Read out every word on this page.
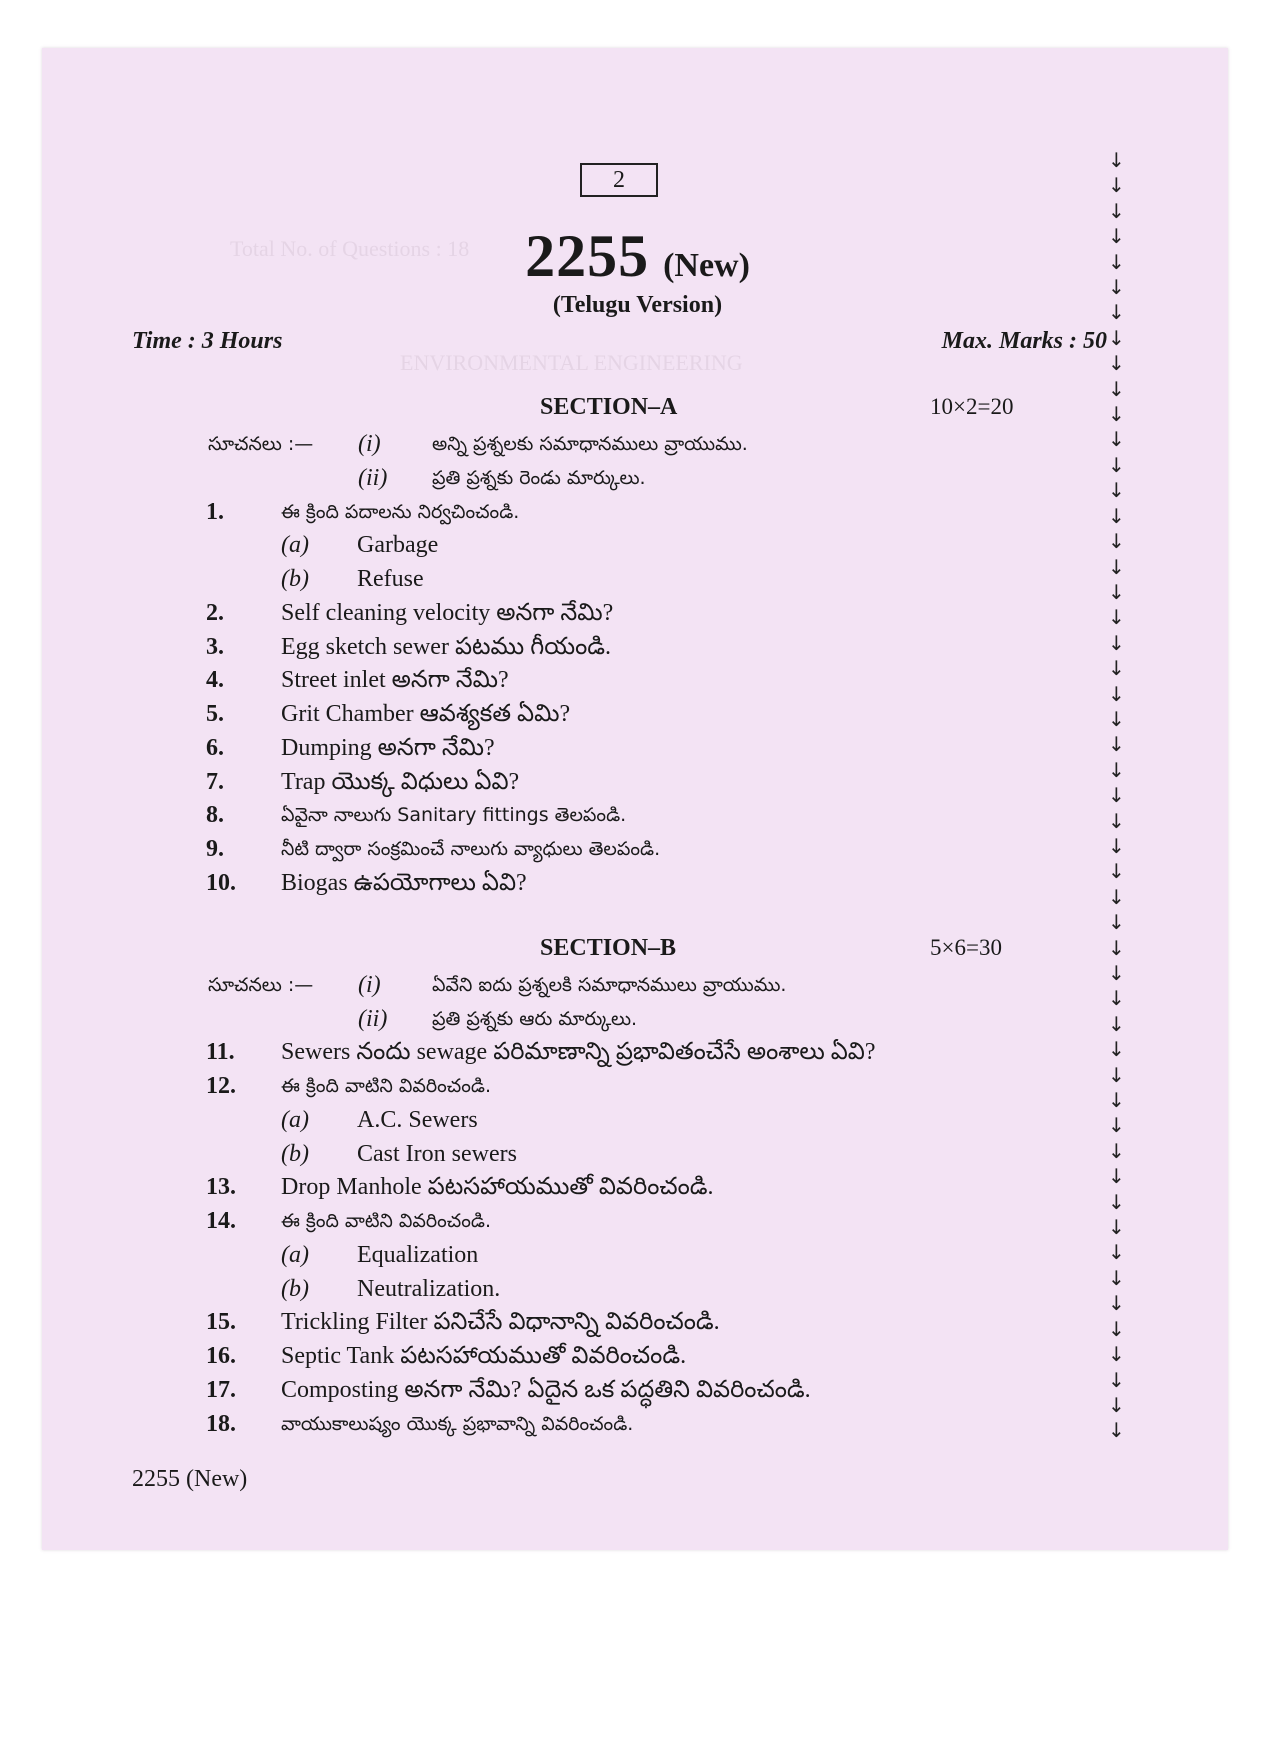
Total No. of Questions : 18
ENVIRONMENTAL ENGINEERING
2
2255 (New)
(Telugu Version)
Time : 3 Hours	Max. Marks : 50
SECTION–A	10×2=20
సూచనలు :— (i)	అన్ని ప్రశ్నలకు సమాధానములు వ్రాయుము.
(ii) ప్రతి ప్రశ్నకు రెండు మార్కులు.
1.	ఈ క్రింది పదాలను నిర్వచించండి.
(a) Garbage
(b) Refuse
2. Self cleaning velocity అనగా నేమి?
3. Egg sketch sewer పటము గీయండి.
4. Street inlet అనగా నేమి?
5. Grit Chamber ఆవశ్యకత ఏమి?
6. Dumping అనగా నేమి?
7. Trap యొక్క విధులు ఏవి?
8.	ఏవైనా నాలుగు Sanitary fittings తెలపండి.
9.	నీటి ద్వారా సంక్రమించే నాలుగు వ్యాధులు తెలపండి.
10. Biogas ఉపయోగాలు ఏవి?
SECTION–B	5×6=30
సూచనలు :— (i)	ఏవేని ఐదు ప్రశ్నలకి సమాధానములు వ్రాయుము.
(ii) ప్రతి ప్రశ్నకు ఆరు మార్కులు.
11. Sewers నందు sewage పరిమాణాన్ని ప్రభావితంచేసే అంశాలు ఏవి?
12. ఈ క్రింది వాటిని వివరించండి.
(a) A.C. Sewers
(b) Cast Iron sewers
13. Drop Manhole పటసహాయముతో వివరించండి.
14. ఈ క్రింది వాటిని వివరించండి.
(a) Equalization
(b) Neutralization.
15. Trickling Filter పనిచేసే విధానాన్ని వివరించండి.
16. Septic Tank పటసహాయముతో వివరించండి.
17. Composting అనగా నేమి? ఏదైన ఒక పద్ధతిని వివరించండి.
18. వాయుకాలుష్యం యొక్క ప్రభావాన్ని వివరించండి.
2255 (New)
↓
↓
↓
↓
↓
↓
↓
↓
↓
↓
↓
↓
↓
↓
↓
↓
↓
↓
↓
↓
↓
↓
↓
↓
↓
↓
↓
↓
↓
↓
↓
↓
↓
↓
↓
↓
↓
↓
↓
↓
↓
↓
↓
↓
↓
↓
↓
↓
↓
↓
↓
